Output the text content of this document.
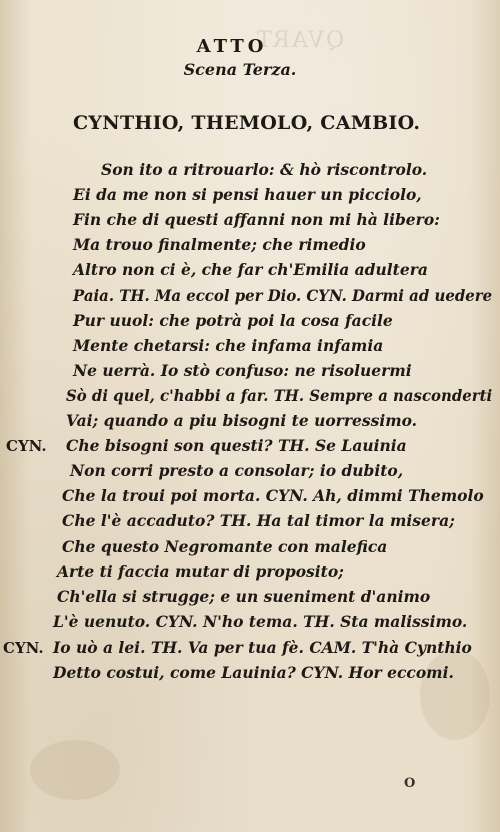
QVART
ATTO
Scena Terza.
CYNTHIO, THEMOLO, CAMBIO.
Son ito a ritrouarlo: & hò riscontrolo.
Ei da me non si pensi hauer un picciolo,
Fin che di questi affanni non mi hà libero:
Ma trouo finalmente; che rimedio
Altro non ci è, che far ch'Emilia adultera
Paia. TH. Ma eccol per Dio. CYN. Darmi ad uedere
Pur uuol: che potrà poi la cosa facile
Mente chetarsi: che infama infamia
Ne uerrà. Io stò confuso: ne risoluermi
Sò di quel, c'habbi a far. TH. Sempre a nasconderti
Vai; quando a piu bisogni te uorressimo.
CYN. Che bisogni son questi? TH. Se Lauinia
Non corri presto a consolar; io dubito,
Che la troui poi morta. CYN. Ah, dimmi Themolo
Che l'è accaduto? TH. Ha tal timor la misera;
Che questo Negromante con malefica
Arte ti faccia mutar di proposito;
Ch'ella si strugge; e un sueniment d'animo
L'è uenuto. CYN. N'ho tema. TH. Sta malissimo.
CYN. Io uò a lei. TH. Va per tua fè. CAM. T'hà Cynthio
Detto costui, come Lauinia? CYN. Hor eccomi.
O
